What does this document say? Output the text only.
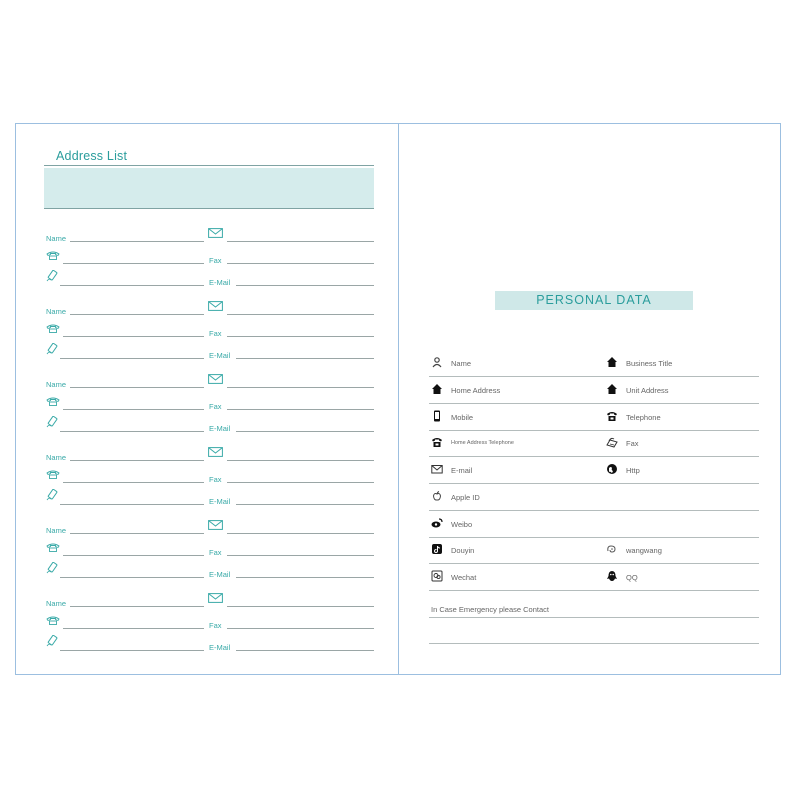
Address List
Name
Fax
E-Mail
Name
Fax
E-Mail
Name
Fax
E-Mail
Name
Fax
E-Mail
Name
Fax
E-Mail
Name
Fax
E-Mail
PERSONAL DATA
Name	Business Title
Home Address	Unit Address
Mobile	Telephone
Home Address Telephone	Fax
E-mail	Http
Apple ID
Weibo
Douyin	wangwang
Wechat	QQ
In Case Emergency please Contact
